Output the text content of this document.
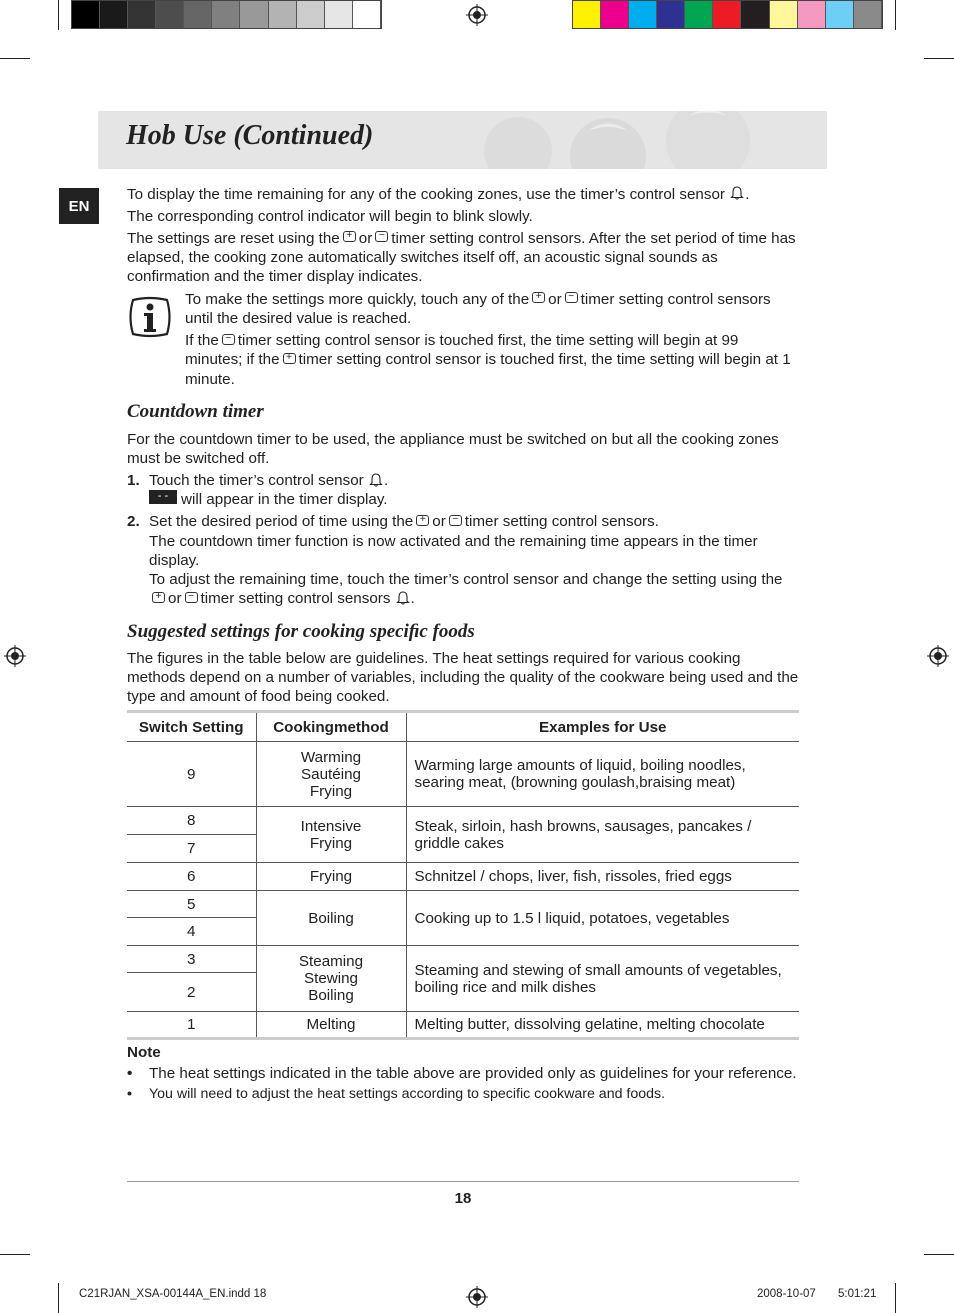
Hob Use (Continued)
EN

To display the time remaining for any of the cooking zones, use the timer’s control sensor .

The corresponding control indicator will begin to blink slowly.

The settings are reset using the + or − timer setting control sensors. After the set period of time has elapsed, the cooking zone automatically switches itself off, an acoustic signal sounds as confirmation and the timer display indicates.

To make the settings more quickly, touch any of the + or − timer setting control sensors until the desired value is reached.

If the − timer setting control sensor is touched first, the time setting will begin at 99 minutes; if the + timer setting control sensor is touched first, the time setting will begin at 1 minute.

Countdown timer

For the countdown timer to be used, the appliance must be switched on but all the cooking zones must be switched off.

1. Touch the timer’s control sensor .
- - will appear in the timer display.
2. Set the desired period of time using the + or − timer setting control sensors.
The countdown timer function is now activated and the remaining time appears in the timer display.
To adjust the remaining time, touch the timer’s control sensor and change the setting using the+ or − timer setting control sensors .
Suggested settings for cooking speciﬁc foods
The figures in the table below are guidelines. The heat settings required for various cooking methods depend on a number of variables, including the quality of the cookware being used and the type and amount of food being cooked.
Switch Setting	Cookingmethod	Examples for Use
9	Warming
Sautéing
Frying	Warming large amounts of liquid, boiling noodles, searing meat, (browning goulash,braising meat)
8	Intensive
Frying	Steak, sirloin, hash browns, sausages, pancakes / griddle cakes
7		
6	Frying	Schnitzel / chops, liver, fish, rissoles, fried eggs
5	Boiling	Cooking up to 1.5 l liquid, potatoes, vegetables
4		
3	Steaming
Stewing
Boiling	Steaming and stewing of small amounts of vegetables, boiling rice and milk dishes
2		
1	Melting	Melting butter, dissolving gelatine, melting chocolate
Note
• The heat settings indicated in the table above are provided only as guidelines for your reference.
• You will need to adjust the heat settings according to specific cookware and foods.
18
C21RJAN_XSA-00144A_EN.indd 18	2008-10-07 5:01:21
